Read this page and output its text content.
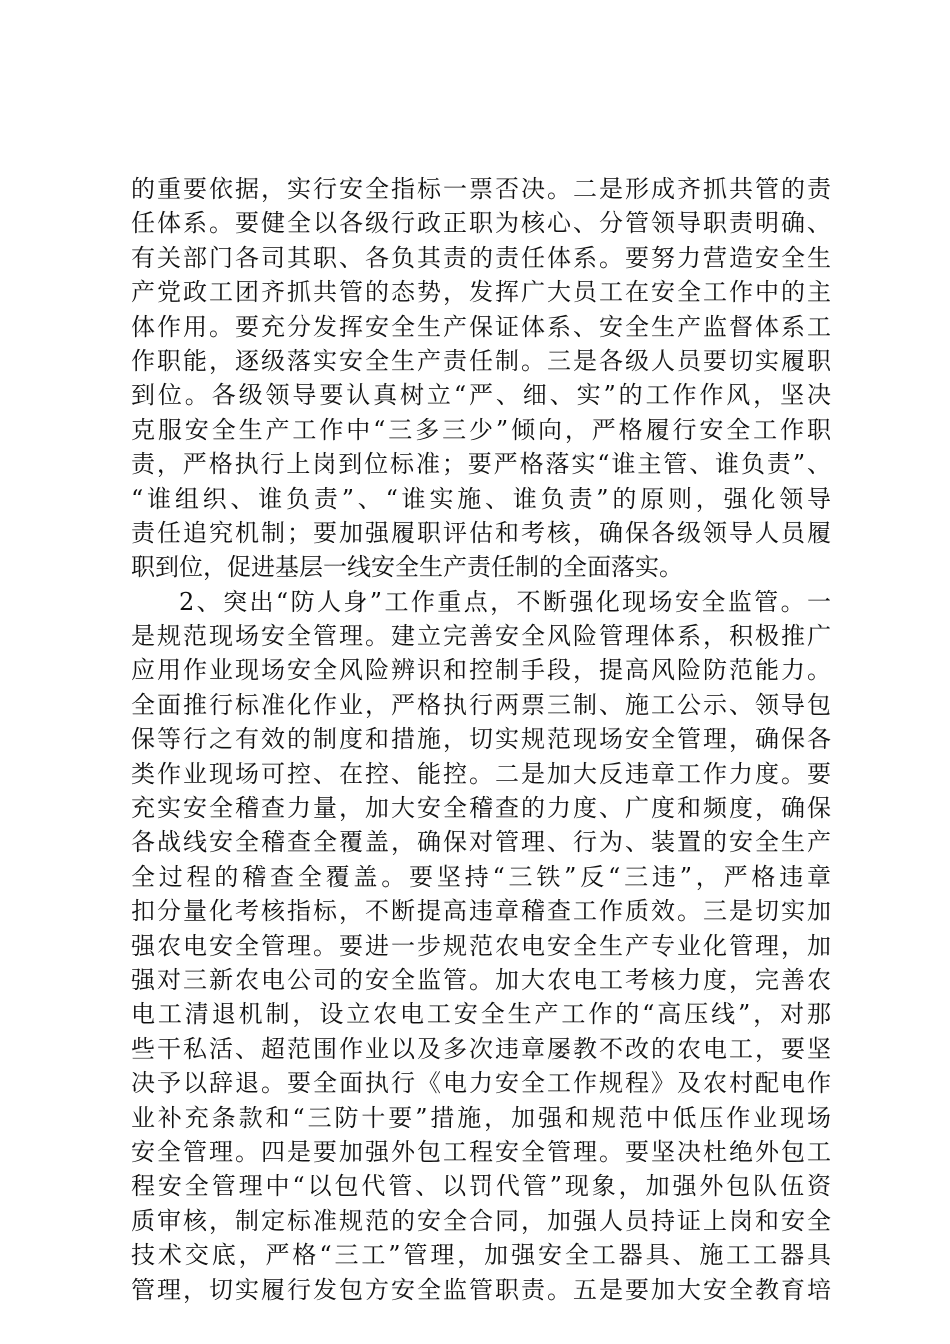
的重要依据，实行安全指标一票否决。二是形成齐抓共管的责
任体系。要健全以各级行政正职为核心、分管领导职责明确、
有关部门各司其职、各负其责的责任体系。要努力营造安全生
产党政工团齐抓共管的态势，发挥广大员工在安全工作中的主
体作用。要充分发挥安全生产保证体系、安全生产监督体系工
作职能，逐级落实安全生产责任制。三是各级人员要切实履职
到位。各级领导要认真树立“严、细、实”的工作作风，坚决
克服安全生产工作中“三多三少”倾向，严格履行安全工作职
责，严格执行上岗到位标准；要严格落实“谁主管、谁负责”、
“谁组织、谁负责”、“谁实施、谁负责”的原则，强化领导
责任追究机制；要加强履职评估和考核，确保各级领导人员履
职到位，促进基层一线安全生产责任制的全面落实。
2、突出“防人身”工作重点，不断强化现场安全监管。一
是规范现场安全管理。建立完善安全风险管理体系，积极推广
应用作业现场安全风险辨识和控制手段，提高风险防范能力。
全面推行标准化作业，严格执行两票三制、施工公示、领导包
保等行之有效的制度和措施，切实规范现场安全管理，确保各
类作业现场可控、在控、能控。二是加大反违章工作力度。要
充实安全稽查力量，加大安全稽查的力度、广度和频度，确保
各战线安全稽查全覆盖，确保对管理、行为、装置的安全生产
全过程的稽查全覆盖。要坚持“三铁”反“三违”，严格违章
扣分量化考核指标，不断提高违章稽查工作质效。三是切实加
强农电安全管理。要进一步规范农电安全生产专业化管理，加
强对三新农电公司的安全监管。加大农电工考核力度，完善农
电工清退机制，设立农电工安全生产工作的“高压线”，对那
些干私活、超范围作业以及多次违章屡教不改的农电工，要坚
决予以辞退。要全面执行《电力安全工作规程》及农村配电作
业补充条款和“三防十要”措施，加强和规范中低压作业现场
安全管理。四是要加强外包工程安全管理。要坚决杜绝外包工
程安全管理中“以包代管、以罚代管”现象，加强外包队伍资
质审核，制定标准规范的安全合同，加强人员持证上岗和安全
技术交底，严格“三工”管理，加强安全工器具、施工工器具
管理，切实履行发包方安全监管职责。五是要加大安全教育培
